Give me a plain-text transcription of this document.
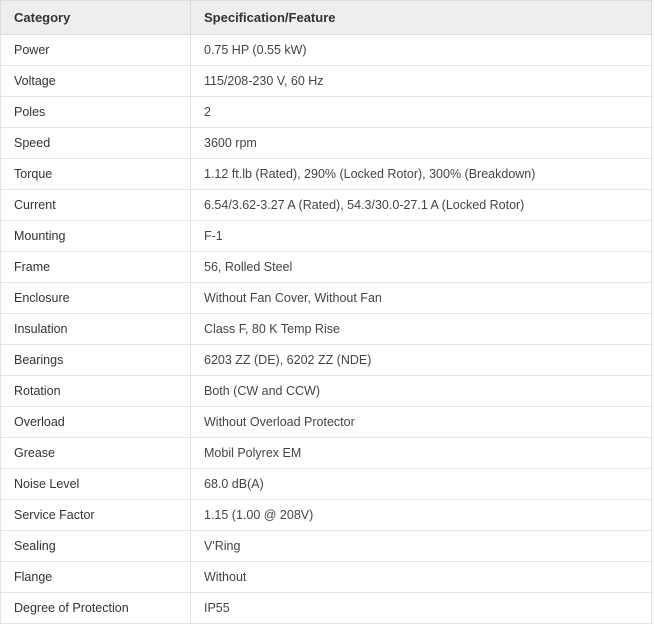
Category	Specification/Feature
Power	0.75 HP (0.55 kW)
Voltage	115/208-230 V, 60 Hz
Poles	2
Speed	3600 rpm
Torque	1.12 ft.lb (Rated), 290% (Locked Rotor), 300% (Breakdown)
Current	6.54/3.62-3.27 A (Rated), 54.3/30.0-27.1 A (Locked Rotor)
Mounting	F-1
Frame	56, Rolled Steel
Enclosure	Without Fan Cover, Without Fan
Insulation	Class F, 80 K Temp Rise
Bearings	6203 ZZ (DE), 6202 ZZ (NDE)
Rotation	Both (CW and CCW)
Overload	Without Overload Protector
Grease	Mobil Polyrex EM
Noise Level	68.0 dB(A)
Service Factor	1.15 (1.00 @ 208V)
Sealing	V'Ring
Flange	Without
Degree of Protection	IP55
